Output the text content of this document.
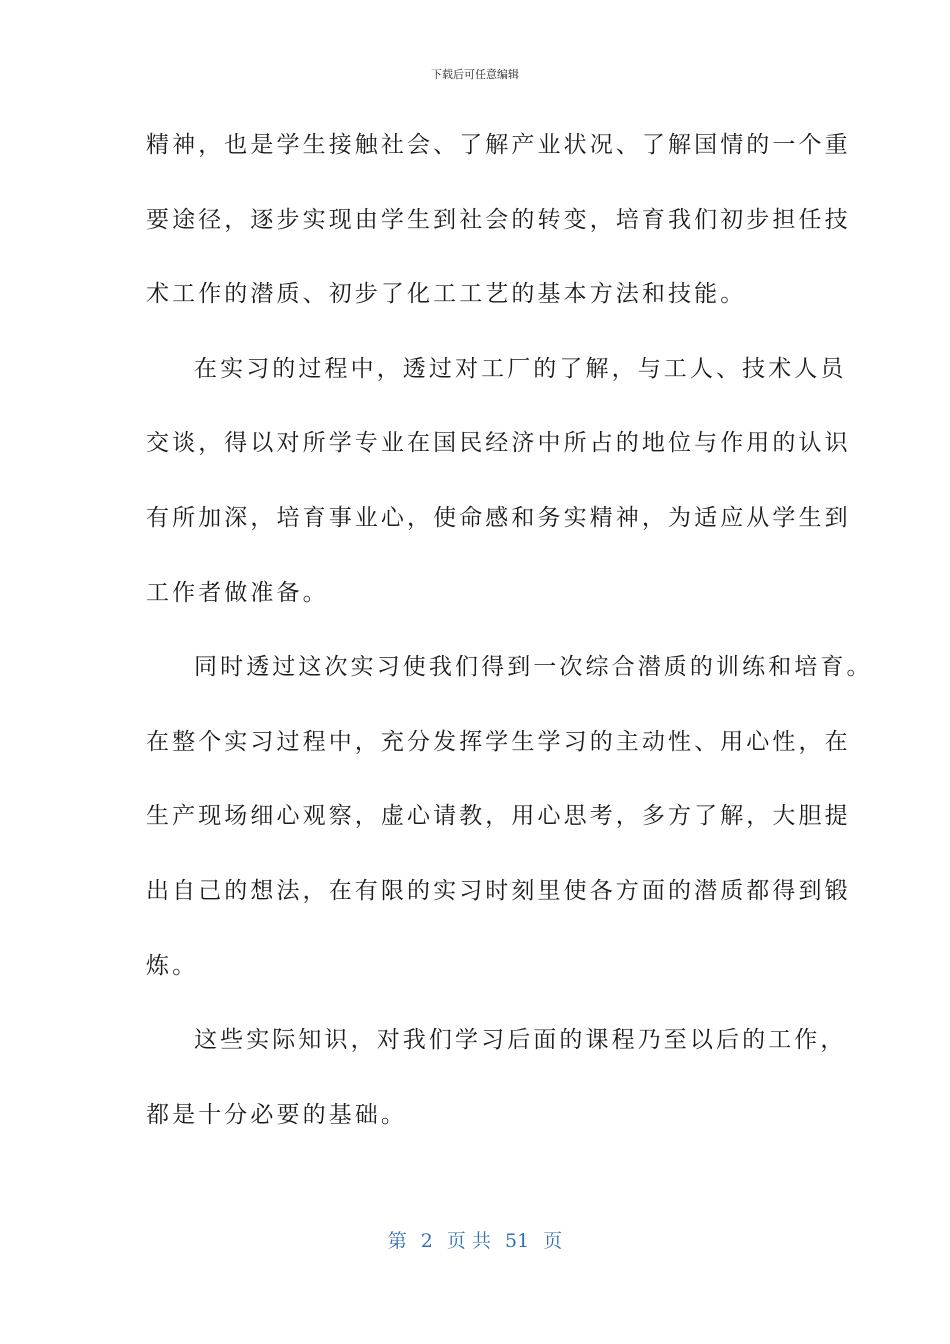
下载后可任意编辑
精神，也是学生接触社会、了解产业状况、了解国情的一个重
要途径，逐步实现由学生到社会的转变，培育我们初步担任技
术工作的潜质、初步了化工工艺的基本方法和技能。
在实习的过程中，透过对工厂的了解，与工人、技术人员
交谈，得以对所学专业在国民经济中所占的地位与作用的认识
有所加深，培育事业心，使命感和务实精神，为适应从学生到
工作者做准备。
同时透过这次实习使我们得到一次综合潜质的训练和培育。
在整个实习过程中，充分发挥学生学习的主动性、用心性，在
生产现场细心观察，虚心请教，用心思考，多方了解，大胆提
出自己的想法，在有限的实习时刻里使各方面的潜质都得到锻
炼。
这些实际知识，对我们学习后面的课程乃至以后的工作，
都是十分必要的基础。
第 2 页 共 51 页
